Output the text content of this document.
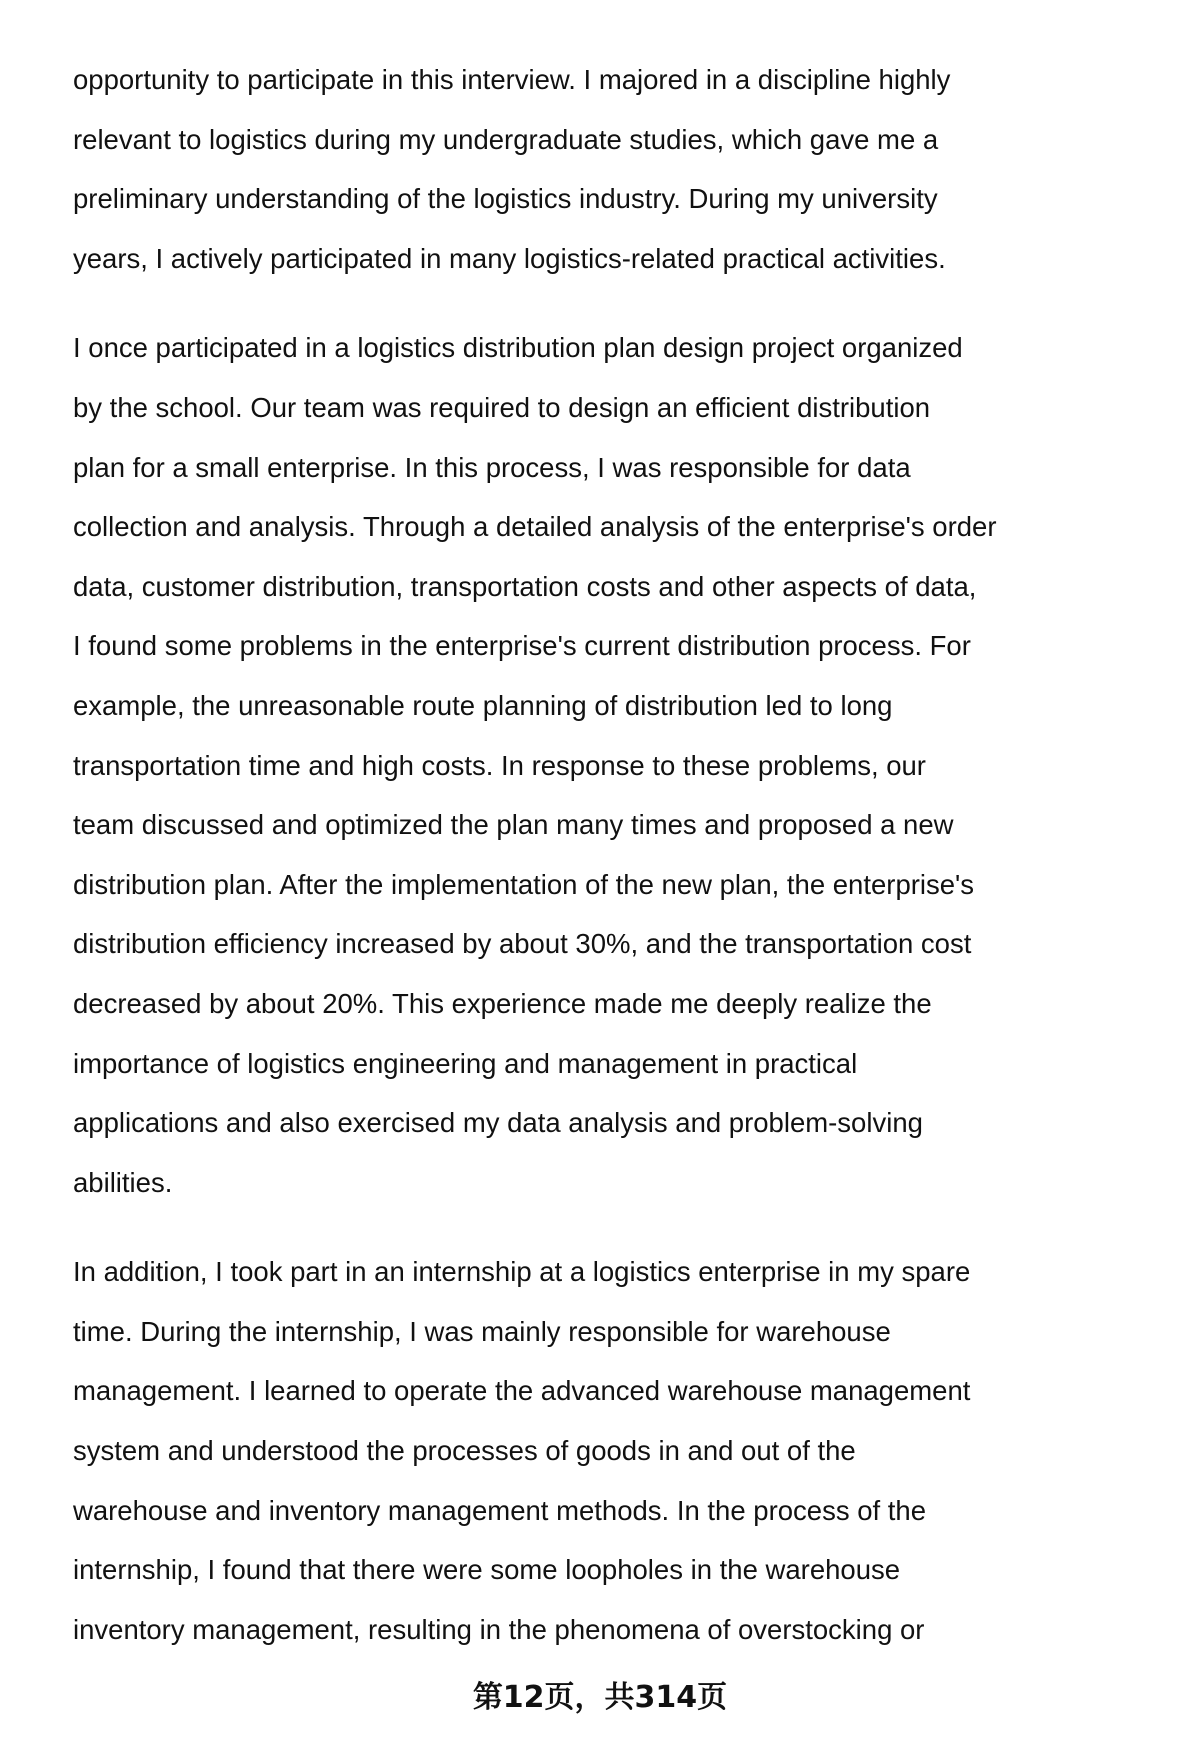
opportunity to participate in this interview. I majored in a discipline highly
relevant to logistics during my undergraduate studies, which gave me a
preliminary understanding of the logistics industry. During my university
years, I actively participated in many logistics-related practical activities.
I once participated in a logistics distribution plan design project organized
by the school. Our team was required to design an efficient distribution
plan for a small enterprise. In this process, I was responsible for data
collection and analysis. Through a detailed analysis of the enterprise's order
data, customer distribution, transportation costs and other aspects of data,
I found some problems in the enterprise's current distribution process. For
example, the unreasonable route planning of distribution led to long
transportation time and high costs. In response to these problems, our
team discussed and optimized the plan many times and proposed a new
distribution plan. After the implementation of the new plan, the enterprise's
distribution efficiency increased by about 30%, and the transportation cost
decreased by about 20%. This experience made me deeply realize the
importance of logistics engineering and management in practical
applications and also exercised my data analysis and problem-solving
abilities.
In addition, I took part in an internship at a logistics enterprise in my spare
time. During the internship, I was mainly responsible for warehouse
management. I learned to operate the advanced warehouse management
system and understood the processes of goods in and out of the
warehouse and inventory management methods. In the process of the
internship, I found that there were some loopholes in the warehouse
inventory management, resulting in the phenomena of overstocking or
第12页，共314页
